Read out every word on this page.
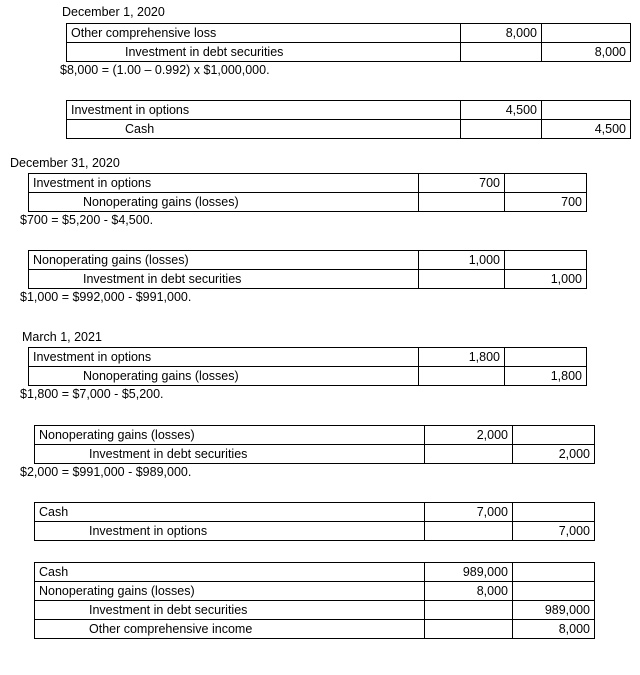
December 1, 2020
December 31, 2020
March 1, 2021
Other comprehensive loss	8,000	
Investment in debt securities		8,000
$8,000 = (1.00 – 0.992) x $1,000,000.
Investment in options	4,500	
Cash		4,500
Investment in options	700	
Nonoperating gains (losses)		700
$700 = $5,200 - $4,500.
Nonoperating gains (losses)	1,000	
Investment in debt securities		1,000
$1,000 = $992,000 - $991,000.
Investment in options	1,800	
Nonoperating gains (losses)		1,800
$1,800 = $7,000 - $5,200.
Nonoperating gains (losses)	2,000	
Investment in debt securities		2,000
$2,000 = $991,000 - $989,000.
Cash	7,000	
Investment in options		7,000
Cash	989,000	
Nonoperating gains (losses)	8,000	
Investment in debt securities		989,000
Other comprehensive income		8,000
